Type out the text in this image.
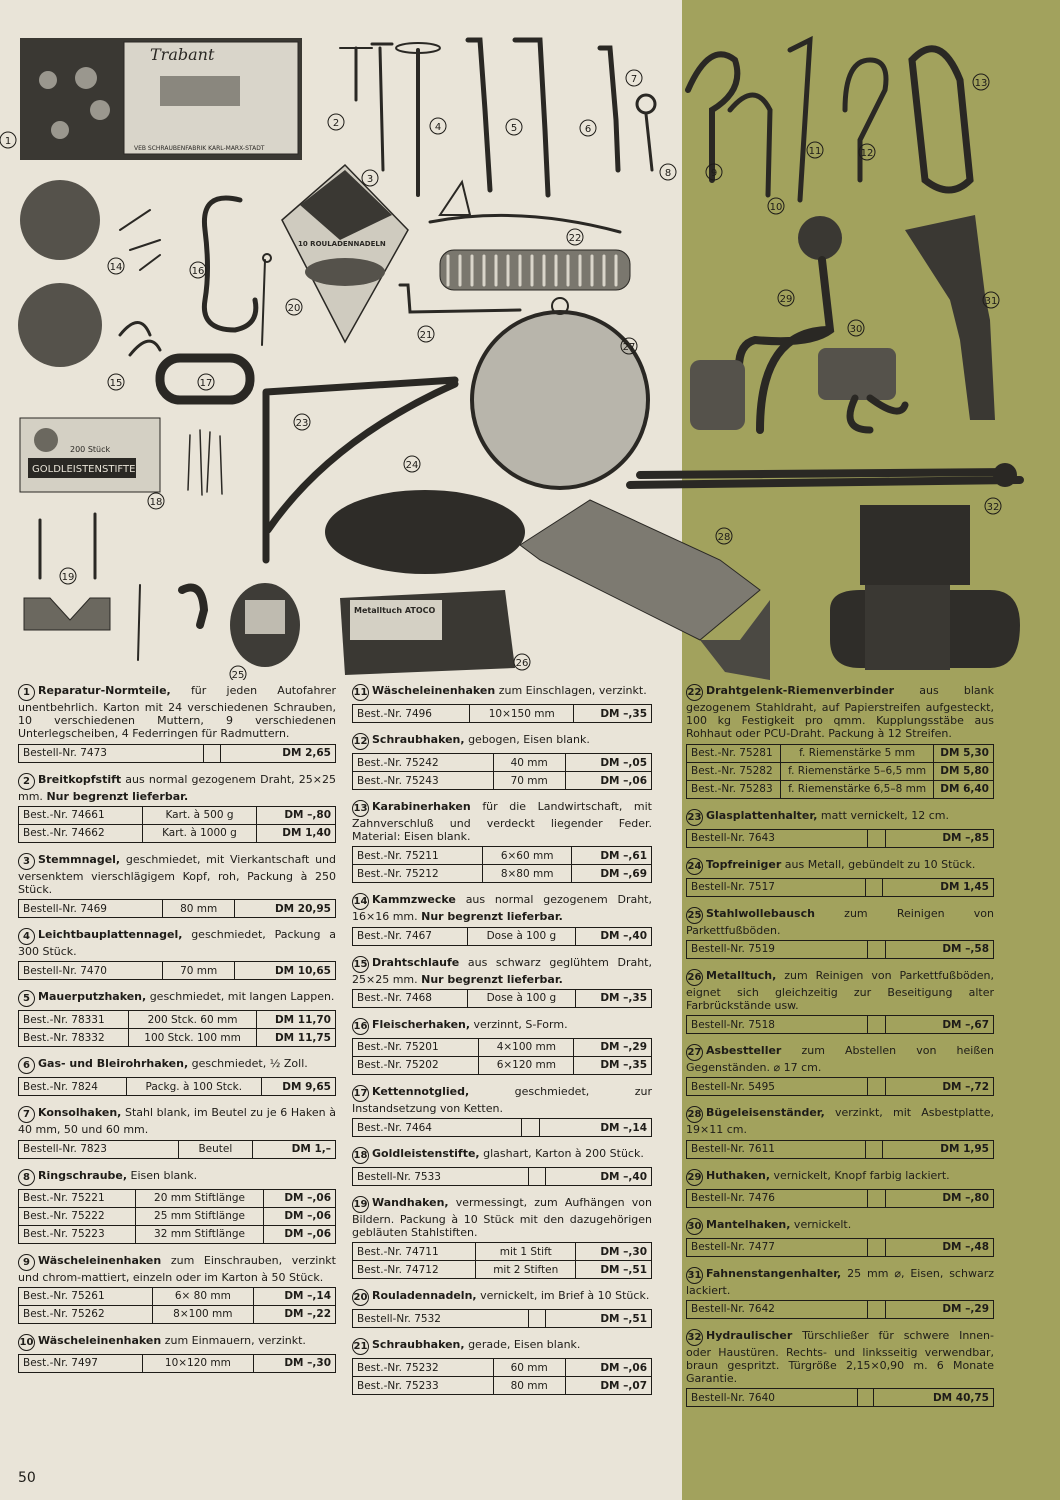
Trabant
VEB SCHRAUBENFABRIK KARL-MARX-STADT
200 Stück
GOLDLEISTENSTIFTE
10 ROULADENNADELN
Metalltuch ATOCO
1
2
3
4	5	6
7
8	9
10
11	12
13
14
15
16
17
18
19
20
21
22
23
24
25
26
27
28
29
30
31
32
1 Reparatur-Normteile, für jeden Autofahrer unentbehrlich. Karton mit 24 verschiedenen Schrauben, 10 verschiedenen Muttern, 9 verschiedenen Unterlegscheiben, 4 Federringen für Radmuttern.
Bestell-Nr. 7473		DM 2,65
2 Breitkopfstift aus normal gezogenem Draht, 25×25 mm. Nur begrenzt lieferbar.
Best.-Nr. 74661	Kart. à 500 g	DM –,80
Best.-Nr. 74662	Kart. à 1000 g	DM 1,40
3 Stemmnagel, geschmiedet, mit Vierkantschaft und versenktem vierschlägigem Kopf, roh, Packung à 250 Stück.
Bestell-Nr. 7469	80 mm	DM 20,95
4 Leichtbauplattennagel, geschmiedet, Packung a 300 Stück.
Bestell-Nr. 7470	70 mm	DM 10,65
5 Mauerputzhaken, geschmiedet, mit langen Lappen.
Best.-Nr. 78331	200 Stck. 60 mm	DM 11,70
Best.-Nr. 78332	100 Stck. 100 mm	DM 11,75
6 Gas- und Bleirohrhaken, geschmiedet, ½ Zoll.
Best.-Nr. 7824	Packg. à 100 Stck.	DM 9,65
7 Konsolhaken, Stahl blank, im Beutel zu je 6 Haken à 40 mm, 50 und 60 mm.
Bestell-Nr. 7823	Beutel	DM 1,–
8 Ringschraube, Eisen blank.
Best.-Nr. 75221	20 mm Stiftlänge	DM –,06
Best.-Nr. 75222	25 mm Stiftlänge	DM –,06
Best.-Nr. 75223	32 mm Stiftlänge	DM –,06
9 Wäscheleinenhaken zum Einschrauben, verzinkt und chrom-mattiert, einzeln oder im Karton à 50 Stück.
Best.-Nr. 75261	6× 80 mm	DM –,14
Best.-Nr. 75262	8×100 mm	DM –,22
10 Wäscheleinenhaken zum Einmauern, verzinkt.
Best.-Nr. 7497	10×120 mm	DM –,30
11 Wäscheleinenhaken zum Einschlagen, verzinkt.
Best.-Nr. 7496	10×150 mm	DM –,35
12 Schraubhaken, gebogen, Eisen blank.
Best.-Nr. 75242	40 mm	DM –,05
Best.-Nr. 75243	70 mm	DM –,06
13 Karabinerhaken für die Landwirtschaft, mit Zahnverschluß und verdeckt liegender Feder. Material: Eisen blank.
Best.-Nr. 75211	6×60 mm	DM –,61
Best.-Nr. 75212	8×80 mm	DM –,69
14 Kammzwecke aus normal gezogenem Draht, 16×16 mm. Nur begrenzt lieferbar.
Best.-Nr. 7467	Dose à 100 g	DM –,40
15 Drahtschlaufe aus schwarz geglühtem Draht, 25×25 mm. Nur begrenzt lieferbar.
Best.-Nr. 7468	Dose à 100 g	DM –,35
16 Fleischerhaken, verzinnt, S-Form.
Best.-Nr. 75201	4×100 mm	DM –,29
Best.-Nr. 75202	6×120 mm	DM –,35
17 Kettennotglied, geschmiedet, zur Instandsetzung von Ketten.
Best.-Nr. 7464		DM –,14
18 Goldleistenstifte, glashart, Karton à 200 Stück.
Bestell-Nr. 7533		DM –,40
19 Wandhaken, vermessingt, zum Aufhängen von Bildern. Packung à 10 Stück mit den dazugehörigen gebläuten Stahlstiften.
Best.-Nr. 74711	mit 1 Stift	DM –,30
Best.-Nr. 74712	mit 2 Stiften	DM –,51
20 Rouladennadeln, vernickelt, im Brief à 10 Stück.
Bestell-Nr. 7532		DM –,51
21 Schraubhaken, gerade, Eisen blank.
Best.-Nr. 75232	60 mm	DM –,06
Best.-Nr. 75233	80 mm	DM –,07
22 Drahtgelenk-Riemenverbinder aus blank gezogenem Stahldraht, auf Papierstreifen aufgesteckt, 100 kg Festigkeit pro qmm. Kupplungsstäbe aus Rohhaut oder PCU-Draht. Packung à 12 Streifen.
Best.-Nr. 75281	f. Riemenstärke 5 mm	DM 5,30
Best.-Nr. 75282	f. Riemenstärke 5–6,5 mm	DM 5,80
Best.-Nr. 75283	f. Riemenstärke 6,5–8 mm	DM 6,40
23 Glasplattenhalter, matt vernickelt, 12 cm.
Bestell-Nr. 7643		DM –,85
24 Topfreiniger aus Metall, gebündelt zu 10 Stück.
Bestell-Nr. 7517		DM 1,45
25 Stahlwollebausch zum Reinigen von Parkettfußböden.
Bestell-Nr. 7519		DM –,58
26 Metalltuch, zum Reinigen von Parkettfußböden, eignet sich gleichzeitig zur Beseitigung alter Farbrückstände usw.
Bestell-Nr. 7518		DM –,67
27 Asbestteller zum Abstellen von heißen Gegenständen. ⌀ 17 cm.
Bestell-Nr. 5495		DM –,72
28 Bügeleisenständer, verzinkt, mit Asbestplatte, 19×11 cm.
Bestell-Nr. 7611		DM 1,95
29 Huthaken, vernickelt, Knopf farbig lackiert.
Bestell-Nr. 7476		DM –,80
30 Mantelhaken, vernickelt.
Bestell-Nr. 7477		DM –,48
31 Fahnenstangenhalter, 25 mm ⌀, Eisen, schwarz lackiert.
Bestell-Nr. 7642		DM –,29
32 Hydraulischer Türschließer für schwere Innen- oder Haustüren. Rechts- und linksseitig verwendbar, braun gespritzt. Türgröße 2,15×0,90 m. 6 Monate Garantie.
Bestell-Nr. 7640		DM 40,75
50
